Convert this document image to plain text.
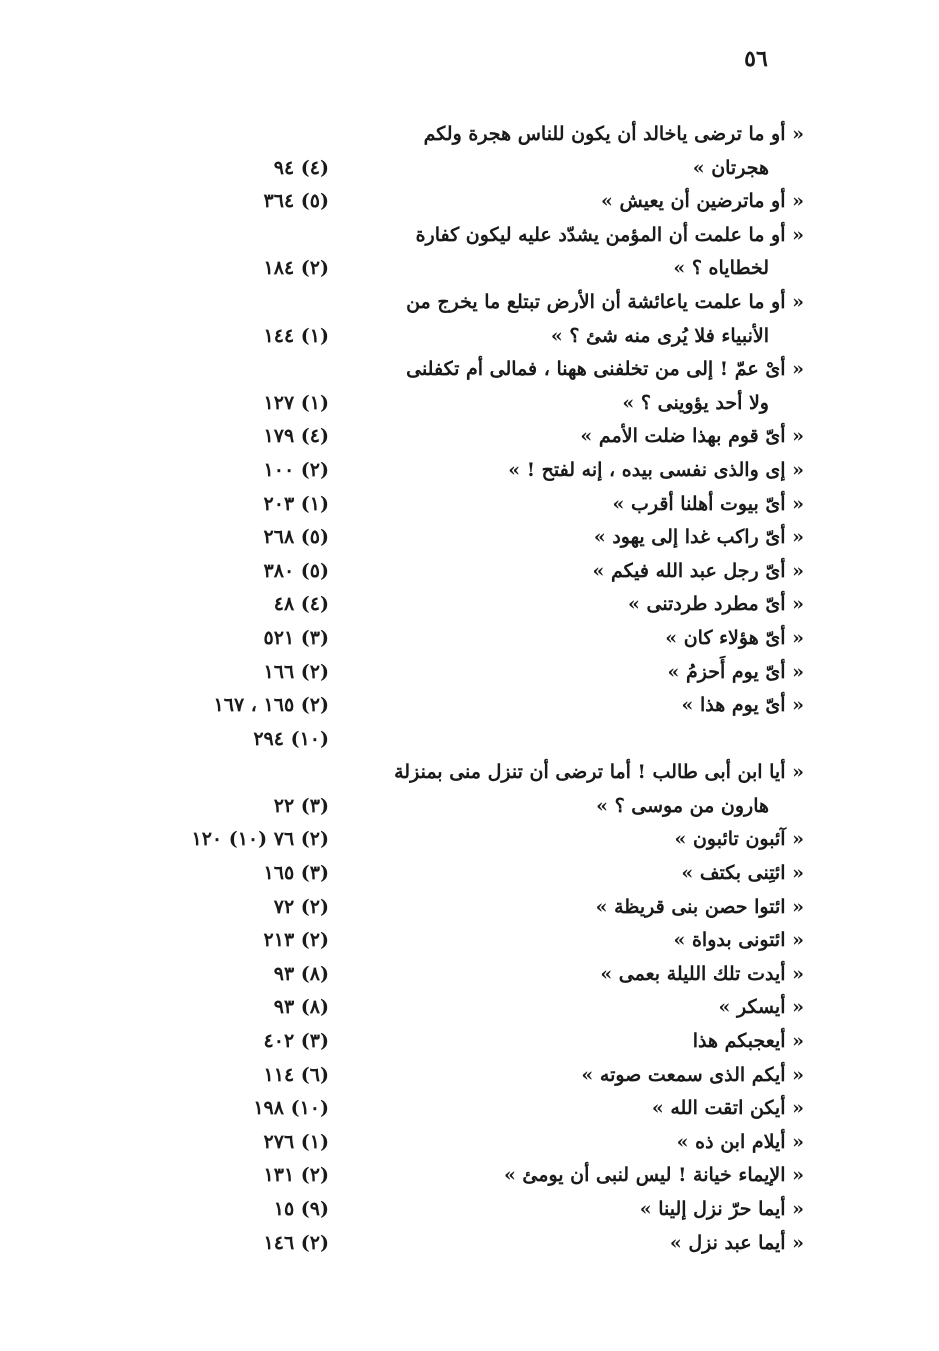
٥٦
« أو ما ترضى ياخالد أن يكون للناس هجرة ولكم
هجرتان »
(٤) ٩٤
« أو ماترضين أن يعيش »
(٥) ٣٦٤
« أو ما علمت أن المؤمن يشدّد عليه ليكون كفارة
لخطاياه ؟ »
(٢) ١٨٤
« أو ما علمت ياعائشة أن الأرض تبتلع ما يخرج من
الأنبياء فلا يُرى منه شئ ؟ »
(١) ١٤٤
« أىْ عمّ ! إلى من تخلفنى ههنا ، فمالى أم تكفلنى
ولا أحد يؤوينى ؟ »
(١) ١٢٧
« أىّ قوم بهذا ضلت الأمم »
(٤) ١٧٩
« إى والذى نفسى بيده ، إنه لفتح ! »
(٢) ١٠٠
« أىّ بيوت أهلنا أقرب »
(١) ٢٠٣
« أىّ راكب غدا إلى يهود »
(٥) ٢٦٨
« أىّ رجل عبد الله فيكم »
(٥) ٣٨٠
« أىّ مطرد طردتنى »
(٤) ٤٨
« أىّ هؤلاء كان »
(٣) ٥٢١
« أىّ يوم أَحزمُ »
(٢) ١٦٦
« أىّ يوم هذا »
(٢) ١٦٥ ، ١٦٧
(١٠) ٢٩٤
« أيا ابن أبى طالب ! أما ترضى أن تنزل منى بمنزلة
هارون من موسى ؟ »
(٣) ٢٢
« آئبون تائبون »
(٢) ٧٦ (١٠) ١٢٠
« ائتِنى بكتف »
(٣) ١٦٥
« ائتوا حصن بنى قريظة »
(٢) ٧٢
« ائتونى بدواة »
(٢) ٢١٣
« أيدت تلك الليلة بعمى »
(٨) ٩٣
« أيسكر »
(٨) ٩٣
« أيعجبكم هذا
(٣) ٤٠٢
« أيكم الذى سمعت صوته »
(٦) ١١٤
« أيكن اتقت الله »
(١٠) ١٩٨
« أيلام ابن ذه »
(١) ٢٧٦
« الإيماء خيانة ! ليس لنبى أن يومئ »
(٢) ١٣١
« أيما حرّ نزل إلينا »
(٩) ١٥
« أيما عبد نزل »
(٢) ١٤٦
